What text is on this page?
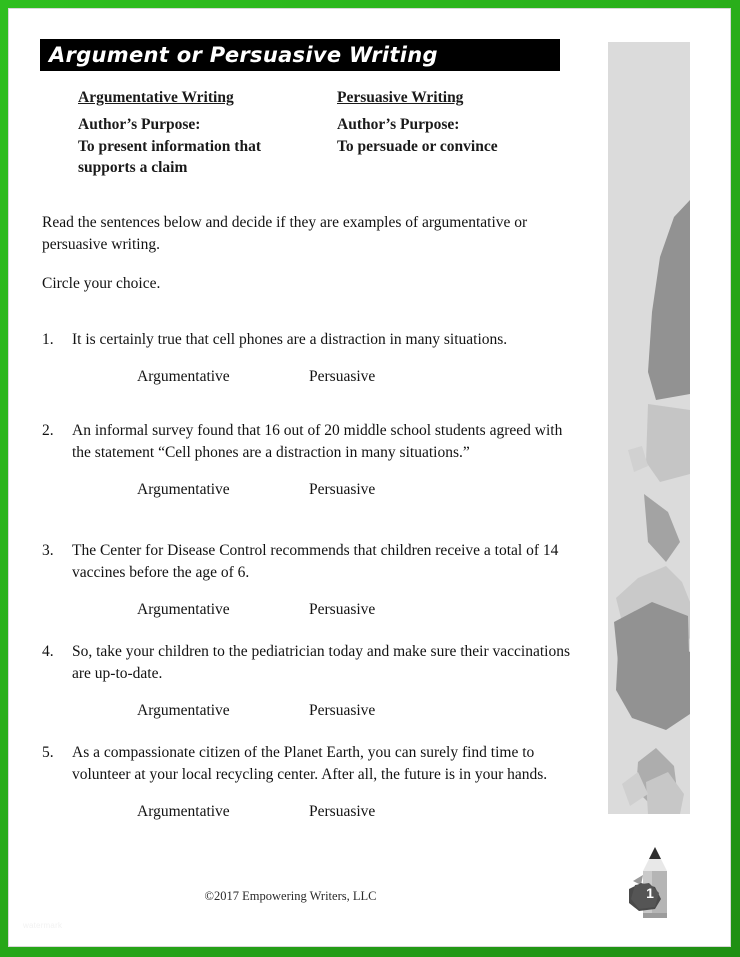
Argument or Persuasive Writing
Argumentative Writing
Author’s Purpose:
To present information that
supports a claim
Persuasive Writing
Author’s Purpose:
To persuade or convince
Read the sentences below and decide if they are examples of argumentative or persuasive writing.
Circle your choice.
1.	It is certainly true that cell phones are a distraction in many situations.
Argumentative	Persuasive
2.	An informal survey found that 16 out of 20 middle school students agreed with the statement “Cell phones are a distraction in many situations.”
Argumentative	Persuasive
3.	The Center for Disease Control recommends that children receive a total of 14 vaccines before the age of 6.
Argumentative	Persuasive
4.	So, take your children to the pediatrician today and make sure their vaccinations are up-to-date.
Argumentative	Persuasive
5.	As a compassionate citizen of the Planet Earth, you can surely find time to volunteer at your local recycling center. After all, the future is in your hands.
Argumentative	Persuasive
©2017 Empowering Writers, LLC
watermark
1
